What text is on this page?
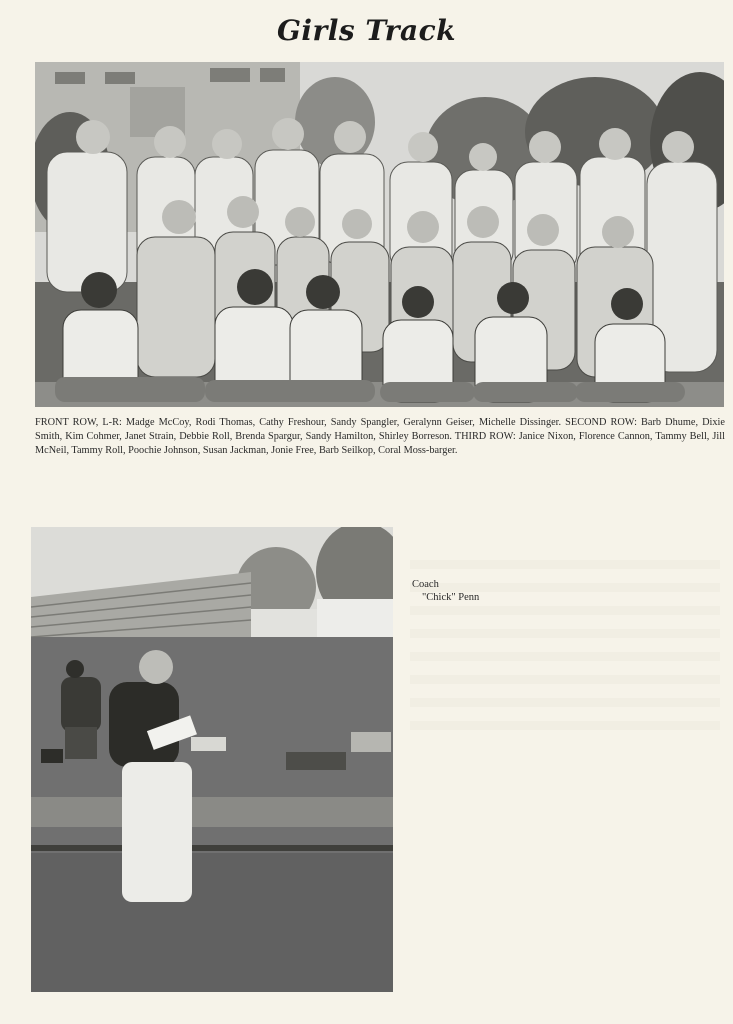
Girls Track
FRONT ROW, L-R: Madge McCoy, Rodi Thomas, Cathy Freshour, Sandy Spangler, Geralynn Geiser, Michelle Dissinger. SECOND ROW: Barb Dhume, Dixie Smith, Kim Cohmer, Janet Strain, Debbie Roll, Brenda Spargur, Sandy Hamilton, Shirley Borreson. THIRD ROW: Janice Nixon, Florence Cannon, Tammy Bell, Jill McNeil, Tammy Roll, Poochie Johnson, Susan Jackman, Jonie Free, Barb Seilkop, Coral Moss-barger.
Coach
"Chick" Penn
